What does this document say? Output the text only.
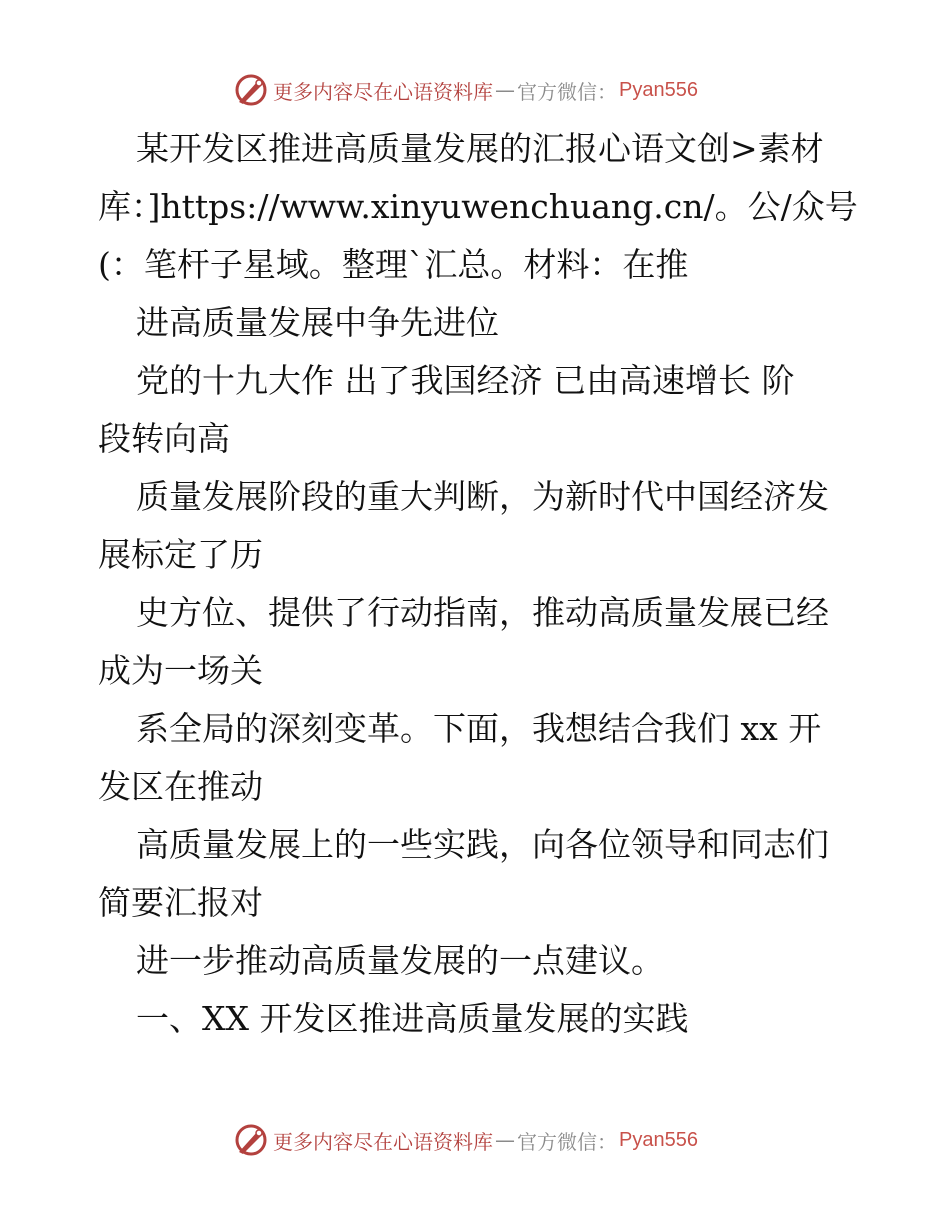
更多内容尽在心语资料库 — 官方微信： Pyan556
某开发区推进高质量发展的汇报心语文创>素材
库：]https://www.xinyuwenchuang.cn/。公/众号
(：笔杆子星域。整理`汇总。材料：在推
进高质量发展中争先进位
党的十九大作 出了我国经济 已由高速增长 阶
段转向高
质量发展阶段的重大判断，为新时代中国经济发
展标定了历
史方位、提供了行动指南，推动高质量发展已经
成为一场关
系全局的深刻变革。下面，我想结合我们 xx 开
发区在推动
高质量发展上的一些实践，向各位领导和同志们
简要汇报对
进一步推动高质量发展的一点建议。
一、XX 开发区推进高质量发展的实践
更多内容尽在心语资料库 — 官方微信： Pyan556
